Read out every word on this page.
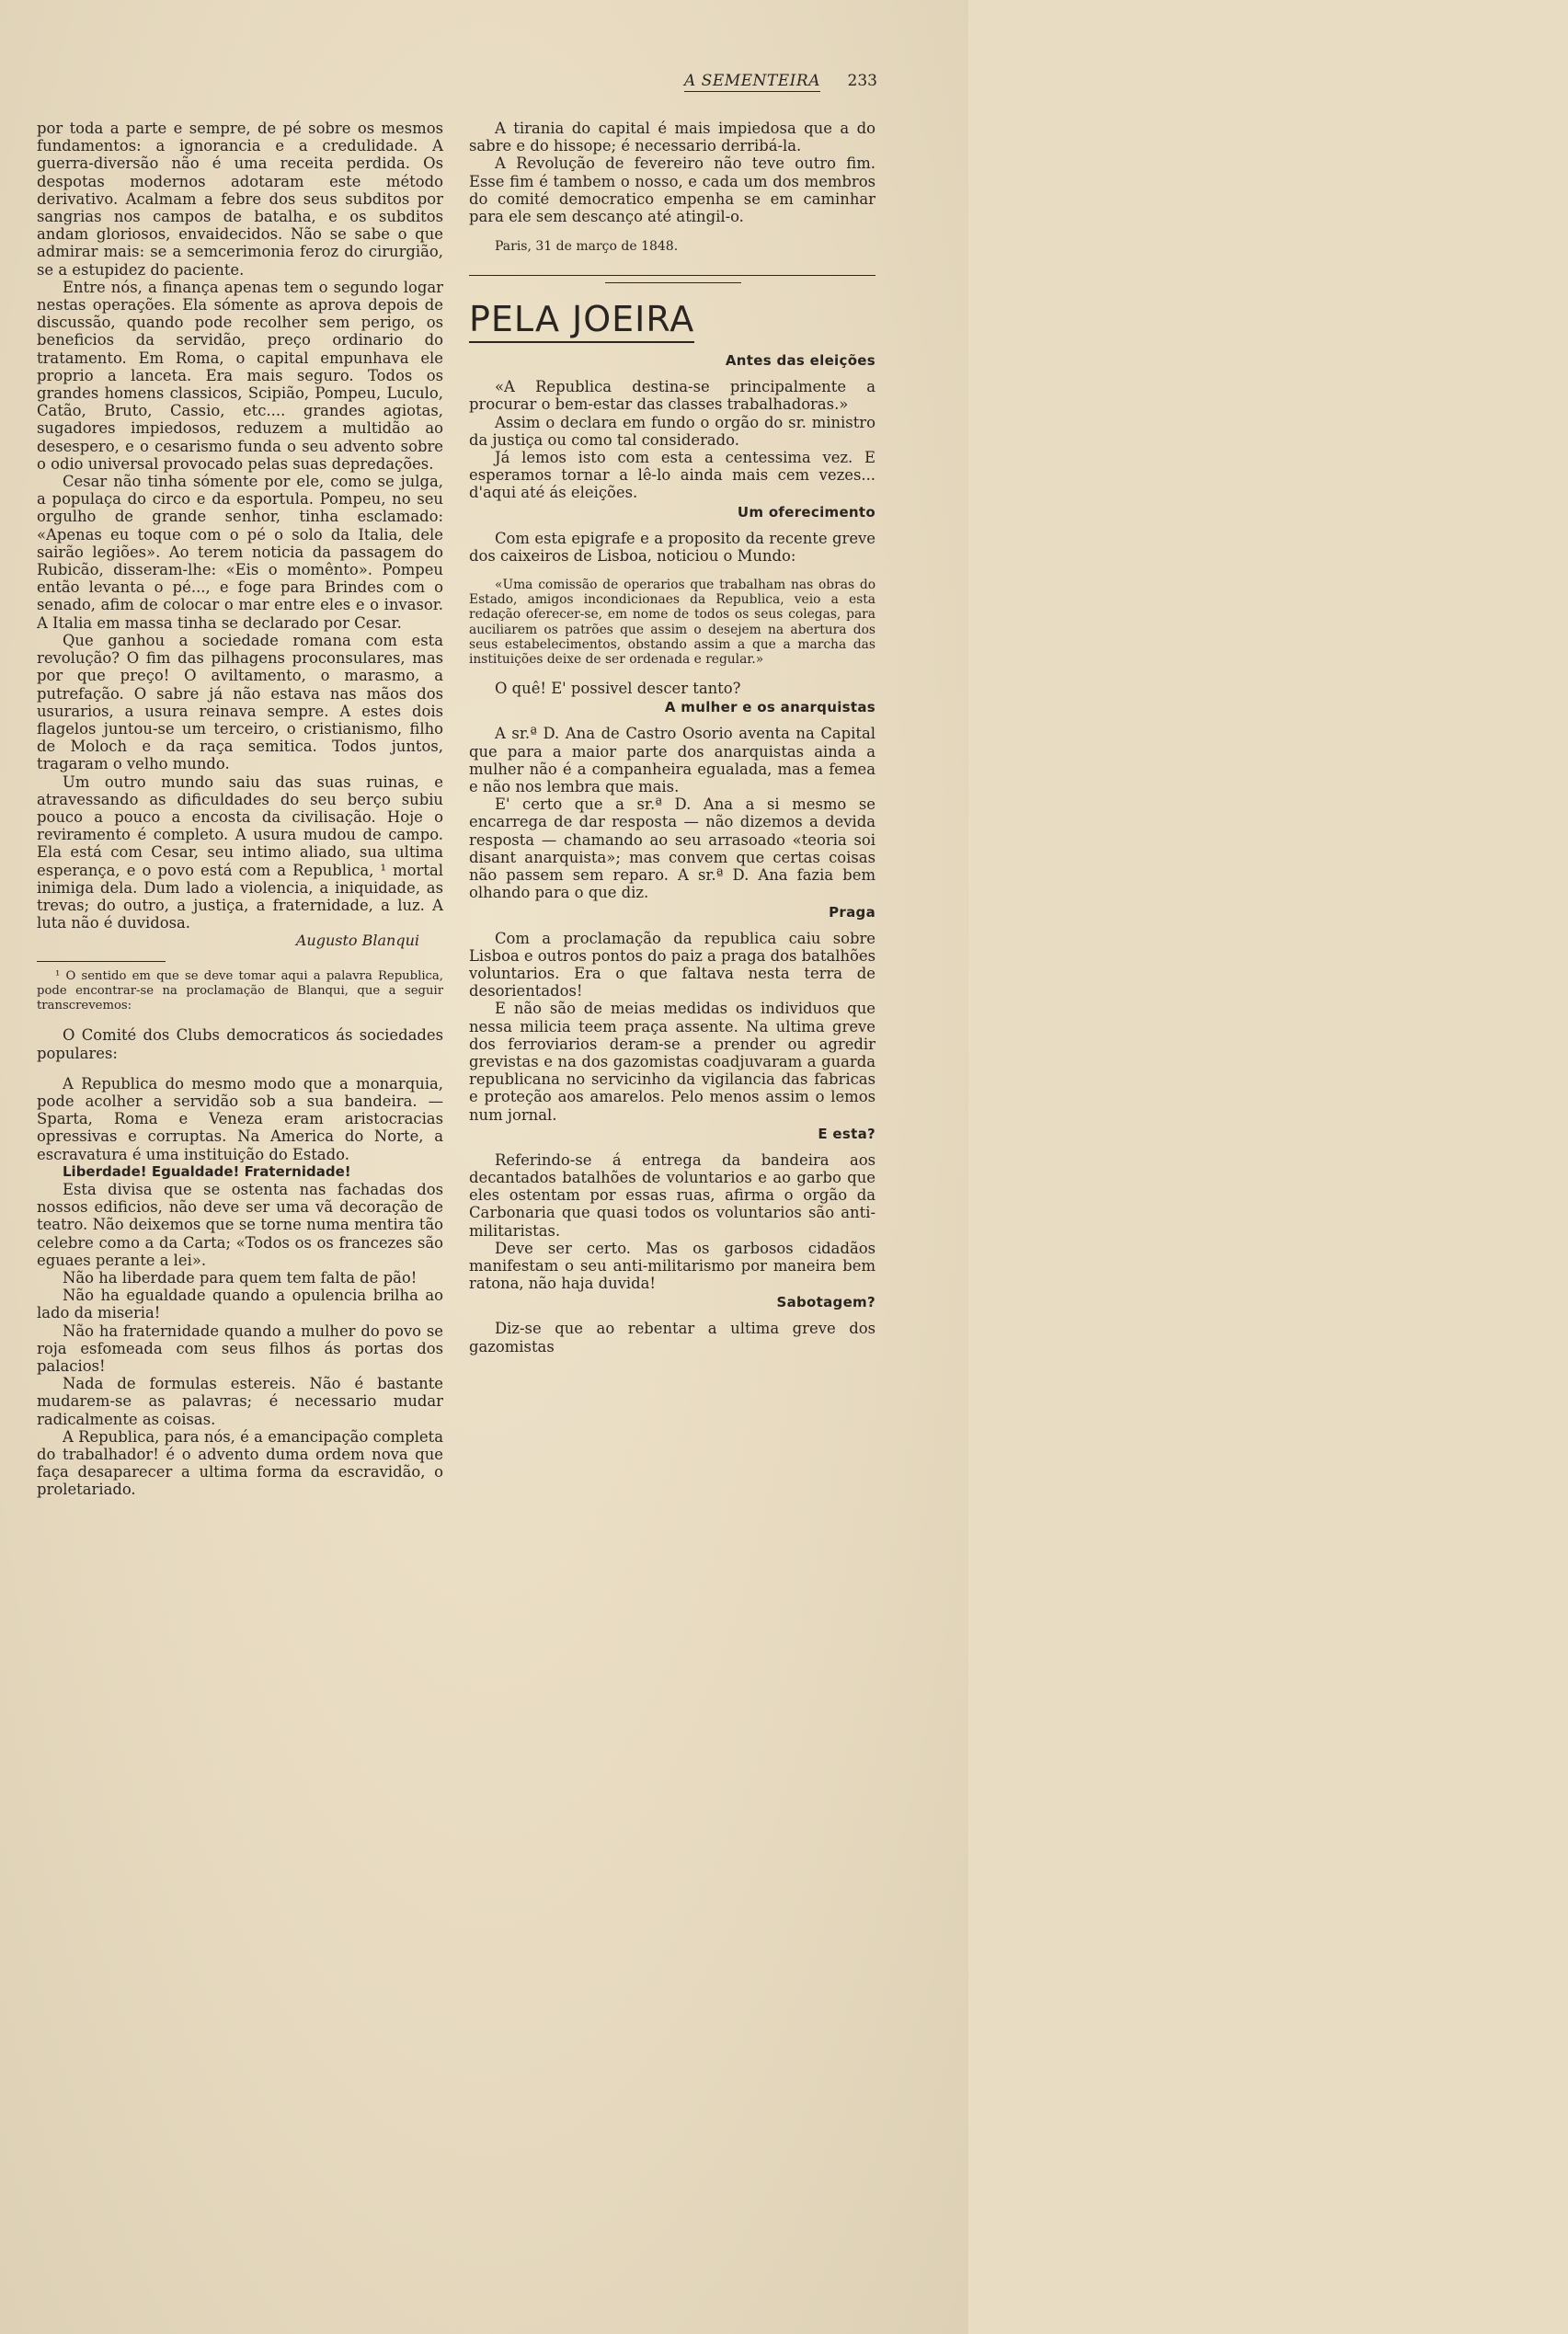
A SEMENTEIRA 233

por toda a parte e sempre, de pé sobre os mesmos fundamentos: a ignorancia e a credulidade. A guerra-diversão não é uma receita perdida. Os despotas modernos adotaram este método derivativo. Acalmam a febre dos seus subditos por sangrias nos campos de batalha, e os subditos andam gloriosos, envaidecidos. Não se sabe o que admirar mais: se a semcerimonia feroz do cirurgião, se a estupidez do paciente.

Entre nós, a finança apenas tem o segundo logar nestas operações. Ela sómente as aprova depois de discussão, quando pode recolher sem perigo, os beneficios da servidão, preço ordinario do tratamento. Em Roma, o capital empunhava ele proprio a lanceta. Era mais seguro. Todos os grandes homens classicos, Scipião, Pompeu, Luculo, Catão, Bruto, Cassio, etc.... grandes agiotas, sugadores impiedosos, reduzem a multidão ao desespero, e o cesarismo funda o seu advento sobre o odio universal provocado pelas suas depredações.

Cesar não tinha sómente por ele, como se julga, a populaça do circo e da esportula. Pompeu, no seu orgulho de grande senhor, tinha esclamado: «Apenas eu toque com o pé o solo da Italia, dele sairão legiões». Ao terem noticia da passagem do Rubicão, disseram-lhe: «Eis o momênto». Pompeu então levanta o pé..., e foge para Brindes com o senado, afim de colocar o mar entre eles e o invasor. A Italia em massa tinha se declarado por Cesar.

Que ganhou a sociedade romana com esta revolução? O fim das pilhagens proconsulares, mas por que preço! O aviltamento, o marasmo, a putrefação. O sabre já não estava nas mãos dos usurarios, a usura reinava sempre. A estes dois flagelos juntou-se um terceiro, o cristianismo, filho de Moloch e da raça semitica. Todos juntos, tragaram o velho mundo.

Um outro mundo saiu das suas ruinas, e atravessando as dificuldades do seu berço subiu pouco a pouco a encosta da civilisação. Hoje o reviramento é completo. A usura mudou de campo. Ela está com Cesar, seu intimo aliado, sua ultima esperança, e o povo está com a Republica, ¹ mortal inimiga dela. Dum lado a violencia, a iniquidade, as trevas; do outro, a justiça, a fraternidade, a luz. A luta não é duvidosa.

Augusto Blanqui

¹ O sentido em que se deve tomar aqui a palavra Republica, pode encontrar-se na proclamação de Blanqui, que a seguir transcrevemos:

O Comité dos Clubs democraticos ás sociedades populares:

A Republica do mesmo modo que a monarquia, pode acolher a servidão sob a sua bandeira. — Sparta, Roma e Veneza eram aristocracias opressivas e corruptas. Na America do Norte, a escravatura é uma instituição do Estado.

Liberdade! Egualdade! Fraternidade!

Esta divisa que se ostenta nas fachadas dos nossos edificios, não deve ser uma vã decoração de teatro. Não deixemos que se torne numa mentira tão celebre como a da Carta; «Todos os os francezes são eguaes perante a lei».

Não ha liberdade para quem tem falta de pão!

Não ha egualdade quando a opulencia brilha ao lado da miseria!

Não ha fraternidade quando a mulher do povo se roja esfomeada com seus filhos ás portas dos palacios!

Nada de formulas estereis. Não é bastante mudarem-se as palavras; é necessario mudar radicalmente as coisas.

A Republica, para nós, é a emancipação completa do trabalhador! é o advento duma ordem nova que faça desaparecer a ultima forma da escravidão, o proletariado.

A tirania do capital é mais impiedosa que a do sabre e do hissope; é necessario derribá-la.

A Revolução de fevereiro não teve outro fim. Esse fim é tambem o nosso, e cada um dos membros do comité democratico empenha se em caminhar para ele sem descanço até atingil-o.

Paris, 31 de março de 1848.

PELA JOEIRA
Antes das eleições

«A Republica destina-se principalmente a procurar o bem-estar das classes trabalhadoras.»

Assim o declara em fundo o orgão do sr. ministro da justiça ou como tal considerado.

Já lemos isto com esta a centessima vez. E esperamos tornar a lê-lo ainda mais cem vezes... d'aqui até ás eleições.

Um oferecimento

Com esta epigrafe e a proposito da recente greve dos caixeiros de Lisboa, noticiou o Mundo:

«Uma comissão de operarios que trabalham nas obras do Estado, amigos incondicionaes da Republica, veio a esta redação oferecer-se, em nome de todos os seus colegas, para auciliarem os patrões que assim o desejem na abertura dos seus estabelecimentos, obstando assim a que a marcha das instituições deixe de ser ordenada e regular.»

O quê! E' possivel descer tanto?

A mulher e os anarquistas

A sr.ª D. Ana de Castro Osorio aventa na Capital que para a maior parte dos anarquistas ainda a mulher não é a companheira egualada, mas a femea e não nos lembra que mais.

E' certo que a sr.ª D. Ana a si mesmo se encarrega de dar resposta — não dizemos a devida resposta — chamando ao seu arrasoado «teoria soi disant anarquista»; mas convem que certas coisas não passem sem reparo. A sr.ª D. Ana fazia bem olhando para o que diz.

Praga

Com a proclamação da republica caiu sobre Lisboa e outros pontos do paiz a praga dos batalhões voluntarios. Era o que faltava nesta terra de desorientados!

E não são de meias medidas os individuos que nessa milicia teem praça assente. Na ultima greve dos ferroviarios deram-se a prender ou agredir grevistas e na dos gazomistas coadjuvaram a guarda republicana no servicinho da vigilancia das fabricas e proteção aos amarelos. Pelo menos assim o lemos num jornal.

E esta?

Referindo-se á entrega da bandeira aos decantados batalhões de voluntarios e ao garbo que eles ostentam por essas ruas, afirma o orgão da Carbonaria que quasi todos os voluntarios são anti-militaristas.

Deve ser certo. Mas os garbosos cidadãos manifestam o seu anti-militarismo por maneira bem ratona, não haja duvida!

Sabotagem?

Diz-se que ao rebentar a ultima greve dos gazomistas
